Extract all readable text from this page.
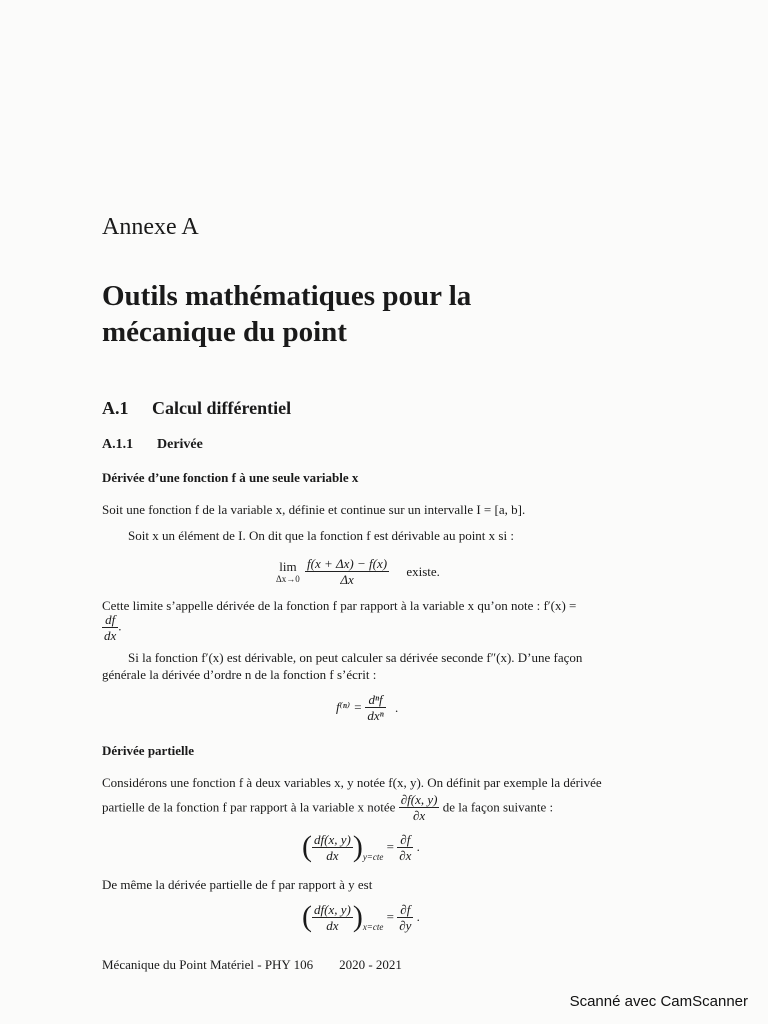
Annexe A
Outils mathématiques pour la
mécanique du point
A.1 Calcul différentiel
A.1.1 Derivée
Dérivée d’une fonction f à une seule variable x
Soit une fonction f de la variable x, définie et continue sur un intervalle I = [a, b].
Soit x un élément de I. On dit que la fonction f est dérivable au point x si :
lim
Δx→0
$\frac{f(x + \Delta x) - f(x)}{\Delta x}$ existe.
Cette limite s’appelle dérivée de la fonction f par rapport à la variable x qu’on note : f′(x) =
$\frac{df}{dx}$ .
Si la fonction f′(x) est dérivable, on peut calculer sa dérivée seconde f″(x). D’une façon
générale la dérivée d’ordre n de la fonction f s’écrit :
$f^{(n)} = \frac{\text{dⁿf}}{\text{dxⁿ}}$ .
Dérivée partielle
Considérons une fonction f à deux variables x, y notée f(x, y). On définit par exemple la dérivée
partielle de la fonction f par rapport à la variable x notée $\frac{\partial f(x, y)}{\partial x}$ de la façon suivante :
( $\frac{df(x, y)}{dx} )_{y=cte} = \frac{\partial f}{\partial x}$ .
De même la dérivée partielle de f par rapport à y est
( $\frac{df(x, y)}{dx} )_{x=cte} = \frac{\partial f}{\partial y}$ .
Mécanique du Point Matériel - PHY 106 2020 - 2021
Scanné avec CamScanner
